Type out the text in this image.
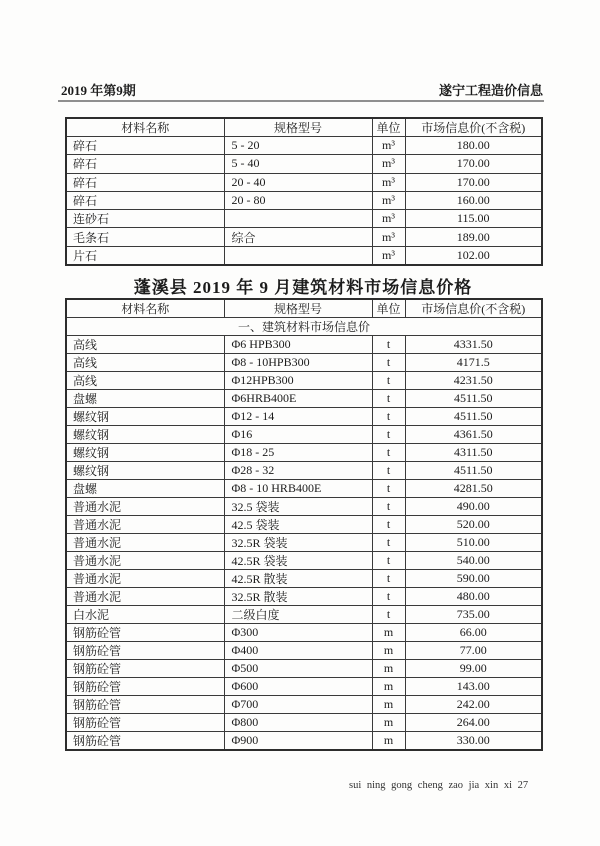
2019 年第9期	遂宁工程造价信息
材料名称	规格型号	单位	市场信息价(不含税)
碎石	5 - 20	m³	180.00
碎石	5 - 40	m³	170.00
碎石	20 - 40	m³	170.00
碎石	20 - 80	m³	160.00
连砂石		m³	115.00
毛条石	综合	m³	189.00
片石		m³	102.00
蓬溪县 2019 年 9 月建筑材料市场信息价格
材料名称	规格型号	单位	市场信息价(不含税)
一、建筑材料市场信息价			
高线	Φ6 HPB300	t	4331.50
高线	Φ8 - 10HPB300	t	4171.5
高线	Φ12HPB300	t	4231.50
盘螺	Φ6HRB400E	t	4511.50
螺纹钢	Φ12 - 14	t	4511.50
螺纹钢	Φ16	t	4361.50
螺纹钢	Φ18 - 25	t	4311.50
螺纹钢	Φ28 - 32	t	4511.50
盘螺	Φ8 - 10 HRB400E	t	4281.50
普通水泥	32.5 袋装	t	490.00
普通水泥	42.5 袋装	t	520.00
普通水泥	32.5R 袋装	t	510.00
普通水泥	42.5R 袋装	t	540.00
普通水泥	42.5R 散装	t	590.00
普通水泥	32.5R 散装	t	480.00
白水泥	二级白度	t	735.00
钢筋砼管	Φ300	m	66.00
钢筋砼管	Φ400	m	77.00
钢筋砼管	Φ500	m	99.00
钢筋砼管	Φ600	m	143.00
钢筋砼管	Φ700	m	242.00
钢筋砼管	Φ800	m	264.00
钢筋砼管	Φ900	m	330.00
sui ning gong cheng zao jia xin xi 27
